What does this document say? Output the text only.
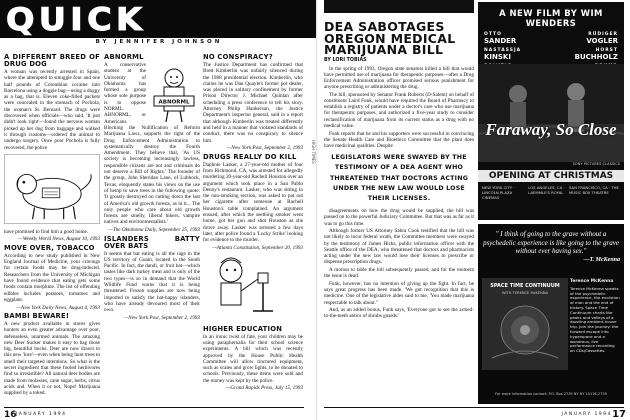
QUICK
BY JENNIFER JOHNSON
A DIFFERENT BREED OF DRUG DOG

A woman was recently arrested in Spain, where she attempted to smuggle four and one half pounds of Colombian cocaine into Barcelona using a doggie bag—using a doggy as a bag, that is. Eleven coke-filled packets were concealed in the stomach of Pochola, the woman's St. Bernard. The drugs were discovered when officials—who said, 'It just didn't look right'—found the nervous woman picked up her dog from baggage and walked it through customs—ordered the animal to undergo surgery. Once poor Pochola is fully recovered, the police

have promised to find him a good home.

—Weekly World News, August 10, 1993
MOVE OVER, TOBACCO

According to new study published in New England Journal of Medicine, your cravings for certain foods may be drug-induced. Researchers from the University of Michigan have found evidence that eating gets some foods contain morphine. The list of offending edibles includes potatoes, tomatoes and eggplant.

—New York Daily News, August 4, 1993
BAMBI BEWARE!

A new product available in stores gives hunters an even greater advantage over poor, defenseless, unarmed animals. The amazing new Deer Sucker makes it easy to bag those big, beautiful bucks. Deer are now drawn to this new 'lure'—even when being hunt trees to smell their targeted intentions. So what is the secret ingredient that these fooled herbivores find so irresistible? All natural deer bodies are made from molasses, cane sugar, herbs, citrus acids and. When it or not, Nope! Marijuana supplied by a toked.

ABNORML
ABNORML

A conservative student at the University of Oklahoma has formed a group whose sole purpose is to oppose NORML. ABNORML, or Americans Blocking the Nullification of Reform Marijuana Laws, supports the right of the Drug Enforcement Administration to systematically destroy the Fourth Amendment. They believe that, 'As US society is becoming increasingly lawless, responsible citizens are not and criminals do not deserve a Bill of Rights.' The founder of the group, John Sheridan Lane, of Lubbock, Texas, eloquently states his views on the use of hemp to save trees in the following quote: 'It grossly destroyed on cutting down the last of America's old growth forests, as hi it... The only people who care about old growth forests are smelly, liberal hikers, vampire natives and environmentalists.'

—The Oklahoma Daily, September 25, 1993
ISLANDERS BATTY OVER BATS

It seems that bat eating is all the rage in the US territory of Guam, located in the South Pacific. In fact, the dandl, or fruit bat—which tastes like dark turkey meat and is only of the two types—is so in demand that the World Wildlife Fund warns that it is being threatened. Frozen supplies are now being imported to satisfy the bat-happy islanders, who have already devoured most of their own.

—New York Post, September 2, 1993
NO CONSPIRACY?

The Justice Department has confirmed that Brett Kimberlin was unfairly silenced during the 1988 presidential election. Kimberlin, who claims he was Dan Quayle's former pot dealer, was placed in solitary confinement by former Prison Director J. Michael Quinlan after scheduling a press conference to tell his story. Attorney Philip Hankerson, the Justice Department's inspector general, said in a report that although Kimberlin was treated differently and held in a manner that violated standards of conduct, there was no conspiracy to silence him.

—New York Post, September 2, 1993
DRUGS REALLY DO KILL

Daphnie Lasker, a 27-year-old mother of four from Richmond, CA, was arrested for allegedly murdering 20-year-old Rachell Houston over an argument which took place in a San Pablo Denny's restaurant. Lasker, who was sitting in the non-smoking section, was asked to put out her cigarette after someone at Rachell Houston's table complained. An argument ensued, after which the seething smoker went home, got her gun and shot Houston as she drove away. Lasker was arrested a few days later, after police found a 'Lucky Strike' looking for evidence to the murder.

—Atlanta Constitution, September 20, 1993
HIGHER EDUCATION

In an ironic twist of fate, your children may be using paraphernalia for their school science experiments. A bill which was recently approved by the House Public Health Committee will allow tinctured equipment, such as scales and grow lights, to be donated to schools. Previously, these items were sold and the money was kept by the police.

—Grand Rapids Press, July 15, 1993
HIGH TIMES
16 JANUARY 1994
DEA SABOTAGES OREGON MEDICAL MARIJUANA BILL
BY LORI TOBIAS

In the spring of 1993, Oregon state senators killed a bill that would have permitted use of marijuana for therapeutic purposes—after a Drug Enforcement Administration officer promised serious punishment for anyone prescribing or administering the drug.

The bill, sponsored by Senator Frank Roberts (D-Salem) on behalf of constituent Laird Funk, would have required the Board of Pharmacy to establish a registry of patients under a doctor's care who use marijuana for therapeutic purposes, and authorized a five-year study to consider reclassification of marijuana from its current status as a drug with no medical value.

Funk reports that he and his supporters were successful in convincing the Senate Health Care and Bioethics Committee that the plant does have medicinal qualities. Despite

LEGISLATORS WERE SWAYED BY THE TESTIMONY OF A DEA AGENT WHO THREATENED THAT DOCTORS ACTING UNDER THE NEW LAW WOULD LOSE THEIR LICENSES.

disagreements on how the drug would be supplied, the bill was passed on to the powerful Judiciary Committee. But that was as far as it was to go this time.

Although former US Attorney Sabra Cook testified that the bill was not likely to incur federal wrath, the Committee members were swayed by the testimony of James Hicks, public information officer with the Seattle office of the DEA, who threatened that doctors and pharmacists acting under the new law would lose their licenses to prescribe or dispense prescription drugs.

A motion to table the bill subsequently passed, and for the moment the issue is dead.

Funk, however, has no intention of giving up the fight. In fact, he says great progress has been made. 'We got recognition that this is medicine. One of the legislative aides said to me, 'You made marijuana respectable to talk about.''

And, as an added bonus, Funk says, 'Everyone got to see the armed-to-the-teeth antics of shrubs guards.'

A NEW FILM BY WIM WENDERS
OTTO
SANDER
NASTASSJA
KINSKI
RÜDIGER
VOGLER
HORST
BUCHHOLZ
Faraway, So Close
SONY PICTURES CLASSICS
OPENING AT CHRISTMAS
NEW YORK CITY · LINCOLN PLAZA CINEMAS
LOS ANGELES, CA · LAEMMLE'S ROYAL
SAN FRANCISCO, CA · THE MUSIC BOX THEATRE
" I think of going to the grave without a psychedelic experience is like going to the grave without ever having sex."
—T. McKenna
SPACE TIME CONTINUUM
WITH TERENCE McKENNA
Terence McKenna
Terence McKenna speaks of the psychedelic experience, the evolution of man and the end of history. Space Time Continuum charts the peaks and valleys of a dazzling ambient-house trip. Join the journey: the forward escape into hyperspace and a wondrous, live performance recording on CDs/Cassettes.
For more information contact: P.O. Box 2739 NY NY 10116-2739
JANUARY 1994 17
